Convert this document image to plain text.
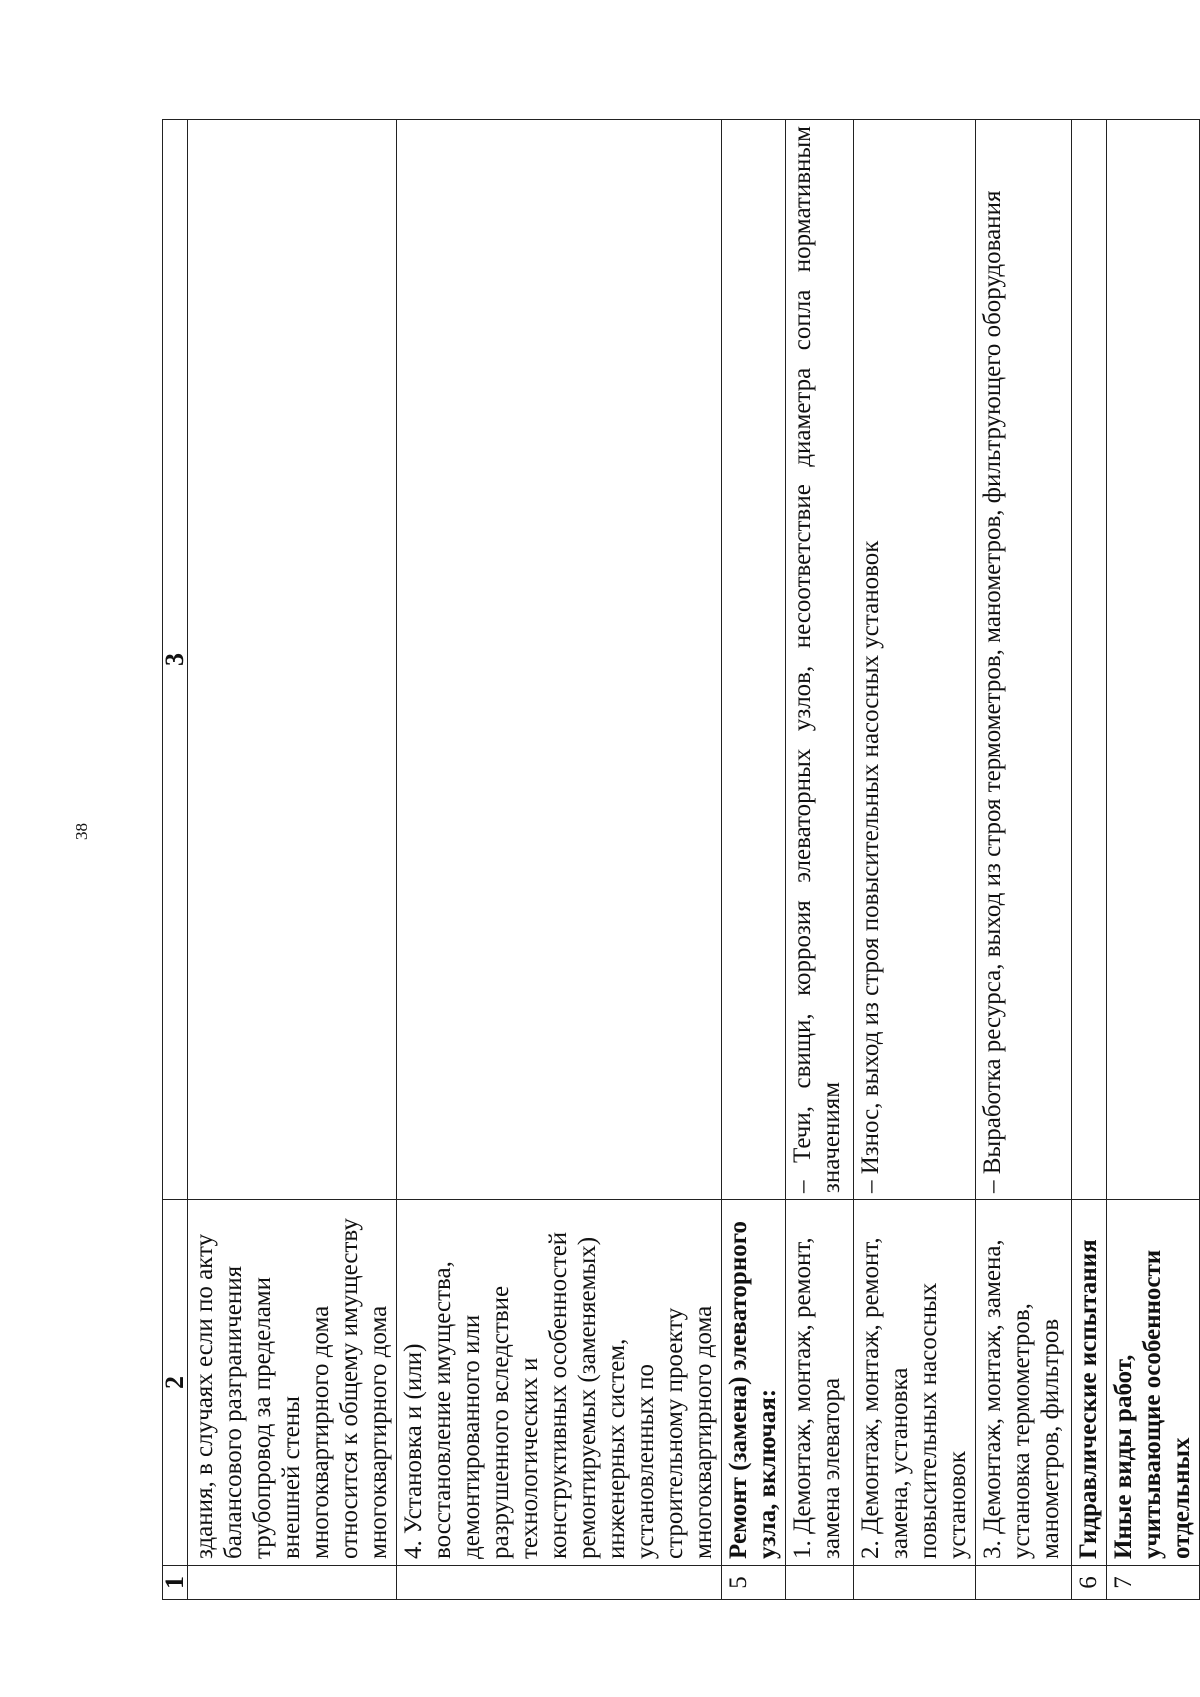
38
1	2	3
	здания, в случаях если по акту балансового разграничения трубопровод за пределами внешней стены многоквартирного дома относится к общему имуществу многоквартирного дома	
	4. Установка и (или) восстановление имущества, демонтированного или разрушенного вследствие технологических и конструктивных особенностей ремонтируемых (заменяемых) инженерных систем, установленных по строительному проекту многоквартирного дома	
5	Ремонт (замена) элеваторного узла, включая:	
	1. Демонтаж, монтаж, ремонт, замена элеватора	– Течи, свищи, коррозия элеваторных узлов, несоответствие диаметра сопла нормативным значениям
	2. Демонтаж, монтаж, ремонт, замена, установка повысительных насосных установок	– Износ, выход из строя повысительных насосных установок
	3. Демонтаж, монтаж, замена, установка термометров, манометров, фильтров	– Выработка ресурса, выход из строя термометров, манометров, фильтрующего оборудования
6	Гидравлические испытания	
7	Иные виды работ, учитывающие особенности отдельных	
